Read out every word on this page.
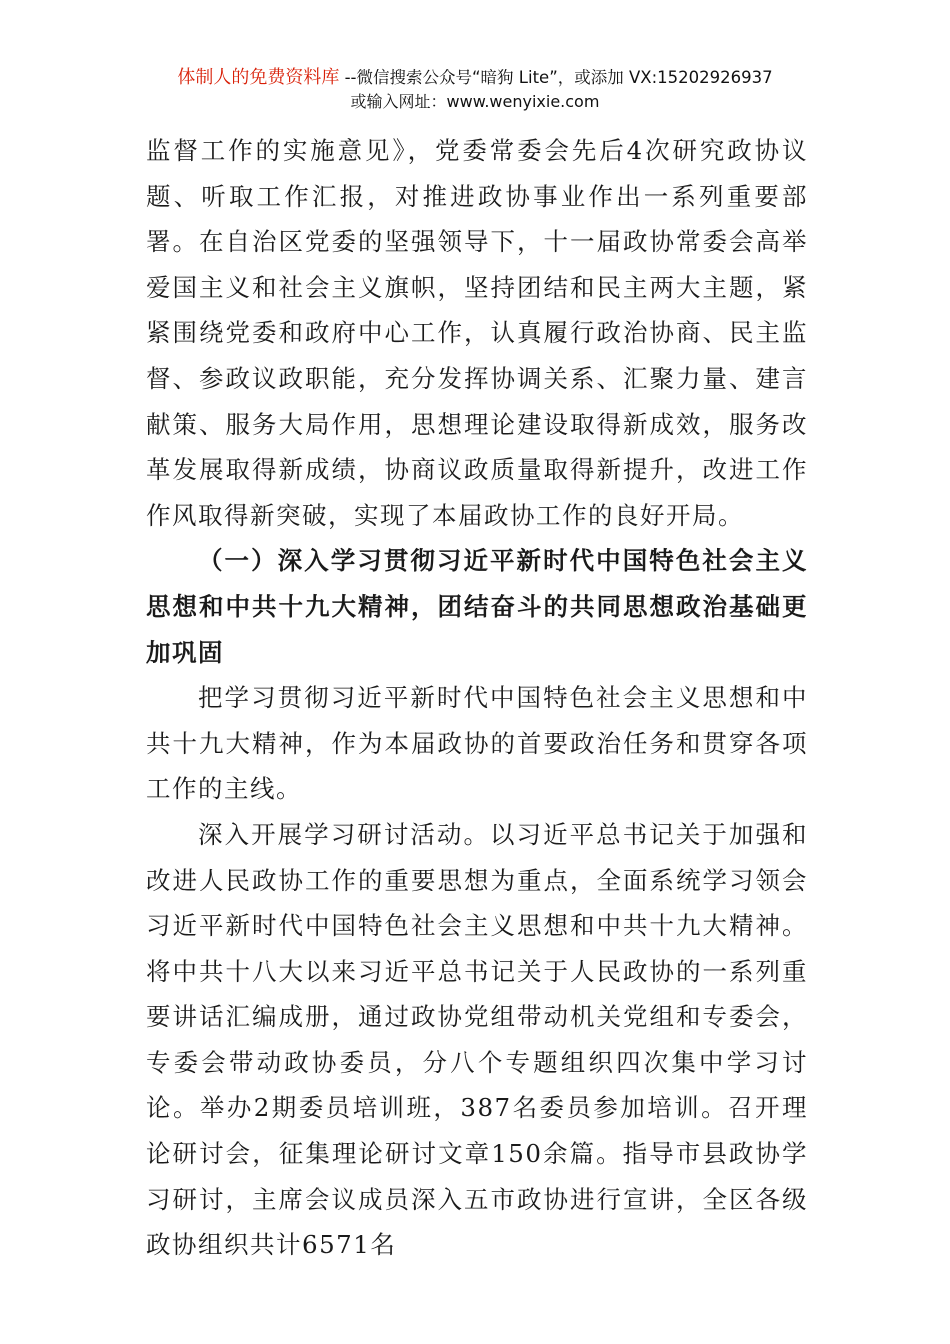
体制人的免费资料库 --微信搜索公众号“暗狗 Lite”，或添加 VX:15202926937
或输入网址：www.wenyixie.com

监督工作的实施意见》，党委常委会先后4次研究政协议题、听取工作汇报，对推进政协事业作出一系列重要部署。在自治区党委的坚强领导下，十一届政协常委会高举爱国主义和社会主义旗帜，坚持团结和民主两大主题，紧紧围绕党委和政府中心工作，认真履行政治协商、民主监督、参政议政职能，充分发挥协调关系、汇聚力量、建言献策、服务大局作用，思想理论建设取得新成效，服务改革发展取得新成绩，协商议政质量取得新提升，改进工作作风取得新突破，实现了本届政协工作的良好开局。

（一）深入学习贯彻习近平新时代中国特色社会主义思想和中共十九大精神，团结奋斗的共同思想政治基础更加巩固

把学习贯彻习近平新时代中国特色社会主义思想和中共十九大精神，作为本届政协的首要政治任务和贯穿各项工作的主线。

深入开展学习研讨活动。以习近平总书记关于加强和改进人民政协工作的重要思想为重点，全面系统学习领会习近平新时代中国特色社会主义思想和中共十九大精神。将中共十八大以来习近平总书记关于人民政协的一系列重要讲话汇编成册，通过政协党组带动机关党组和专委会，专委会带动政协委员，分八个专题组织四次集中学习讨论。举办2期委员培训班，387名委员参加培训。召开理论研讨会，征集理论研讨文章150余篇。指导市县政协学习研讨，主席会议成员深入五市政协进行宣讲，全区各级政协组织共计6571名
